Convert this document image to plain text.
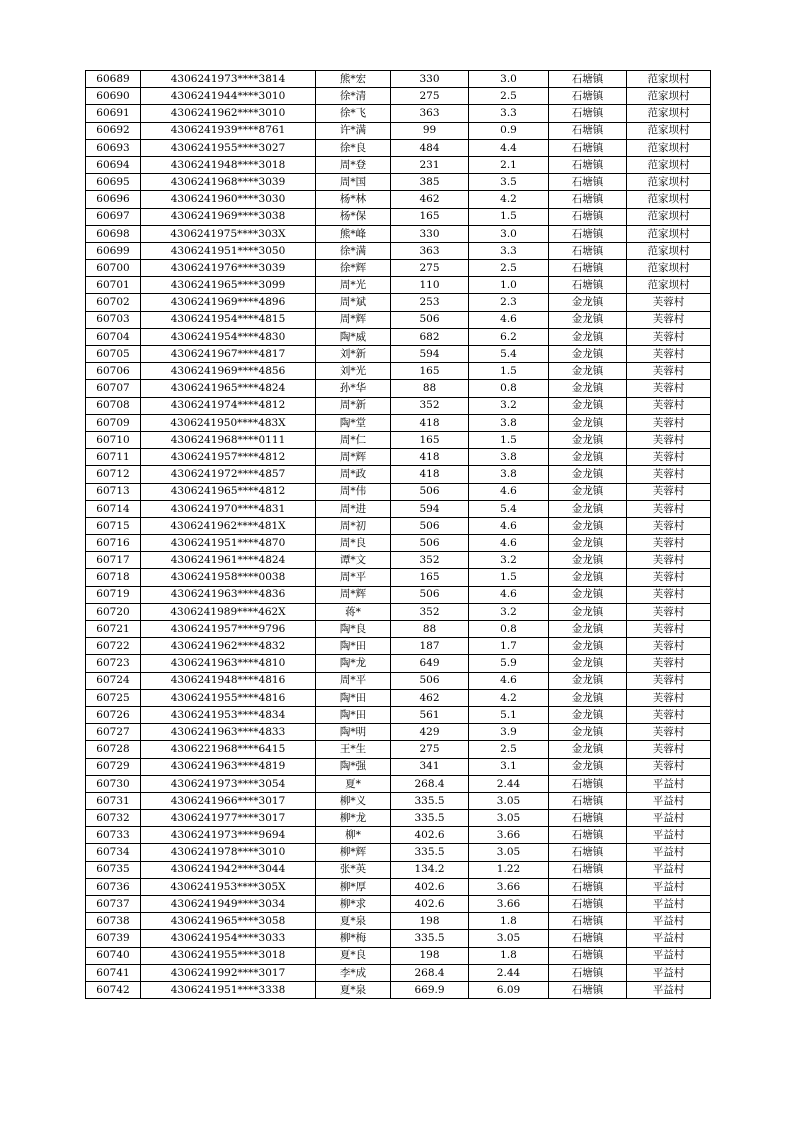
60689	4306241973****3814	熊*宏	330	3.0	石塘镇	范家坝村
60690	4306241944****3010	徐*清	275	2.5	石塘镇	范家坝村
60691	4306241962****3010	徐*飞	363	3.3	石塘镇	范家坝村
60692	4306241939****8761	许*满	99	0.9	石塘镇	范家坝村
60693	4306241955****3027	徐*良	484	4.4	石塘镇	范家坝村
60694	4306241948****3018	周*登	231	2.1	石塘镇	范家坝村
60695	4306241968****3039	周*国	385	3.5	石塘镇	范家坝村
60696	4306241960****3030	杨*林	462	4.2	石塘镇	范家坝村
60697	4306241969****3038	杨*保	165	1.5	石塘镇	范家坝村
60698	4306241975****303X	熊*峰	330	3.0	石塘镇	范家坝村
60699	4306241951****3050	徐*满	363	3.3	石塘镇	范家坝村
60700	4306241976****3039	徐*辉	275	2.5	石塘镇	范家坝村
60701	4306241965****3099	周*光	110	1.0	石塘镇	范家坝村
60702	4306241969****4896	周*斌	253	2.3	金龙镇	芙蓉村
60703	4306241954****4815	周*辉	506	4.6	金龙镇	芙蓉村
60704	4306241954****4830	陶*威	682	6.2	金龙镇	芙蓉村
60705	4306241967****4817	刘*新	594	5.4	金龙镇	芙蓉村
60706	4306241969****4856	刘*光	165	1.5	金龙镇	芙蓉村
60707	4306241965****4824	孙*华	88	0.8	金龙镇	芙蓉村
60708	4306241974****4812	周*新	352	3.2	金龙镇	芙蓉村
60709	4306241950****483X	陶*堂	418	3.8	金龙镇	芙蓉村
60710	4306241968****0111	周*仁	165	1.5	金龙镇	芙蓉村
60711	4306241957****4812	周*辉	418	3.8	金龙镇	芙蓉村
60712	4306241972****4857	周*政	418	3.8	金龙镇	芙蓉村
60713	4306241965****4812	周*伟	506	4.6	金龙镇	芙蓉村
60714	4306241970****4831	周*进	594	5.4	金龙镇	芙蓉村
60715	4306241962****481X	周*初	506	4.6	金龙镇	芙蓉村
60716	4306241951****4870	周*良	506	4.6	金龙镇	芙蓉村
60717	4306241961****4824	谭*文	352	3.2	金龙镇	芙蓉村
60718	4306241958****0038	周*平	165	1.5	金龙镇	芙蓉村
60719	4306241963****4836	周*辉	506	4.6	金龙镇	芙蓉村
60720	4306241989****462X	蒋*	352	3.2	金龙镇	芙蓉村
60721	4306241957****9796	陶*良	88	0.8	金龙镇	芙蓉村
60722	4306241962****4832	陶*田	187	1.7	金龙镇	芙蓉村
60723	4306241963****4810	陶*龙	649	5.9	金龙镇	芙蓉村
60724	4306241948****4816	周*平	506	4.6	金龙镇	芙蓉村
60725	4306241955****4816	陶*田	462	4.2	金龙镇	芙蓉村
60726	4306241953****4834	陶*田	561	5.1	金龙镇	芙蓉村
60727	4306241963****4833	陶*明	429	3.9	金龙镇	芙蓉村
60728	4306221968****6415	王*生	275	2.5	金龙镇	芙蓉村
60729	4306241963****4819	陶*强	341	3.1	金龙镇	芙蓉村
60730	4306241973****3054	夏*	268.4	2.44	石塘镇	平益村
60731	4306241966****3017	柳*义	335.5	3.05	石塘镇	平益村
60732	4306241977****3017	柳*龙	335.5	3.05	石塘镇	平益村
60733	4306241973****9694	柳*	402.6	3.66	石塘镇	平益村
60734	4306241978****3010	柳*辉	335.5	3.05	石塘镇	平益村
60735	4306241942****3044	张*英	134.2	1.22	石塘镇	平益村
60736	4306241953****305X	柳*厚	402.6	3.66	石塘镇	平益村
60737	4306241949****3034	柳*求	402.6	3.66	石塘镇	平益村
60738	4306241965****3058	夏*泉	198	1.8	石塘镇	平益村
60739	4306241954****3033	柳*梅	335.5	3.05	石塘镇	平益村
60740	4306241955****3018	夏*良	198	1.8	石塘镇	平益村
60741	4306241992****3017	李*成	268.4	2.44	石塘镇	平益村
60742	4306241951****3338	夏*泉	669.9	6.09	石塘镇	平益村
